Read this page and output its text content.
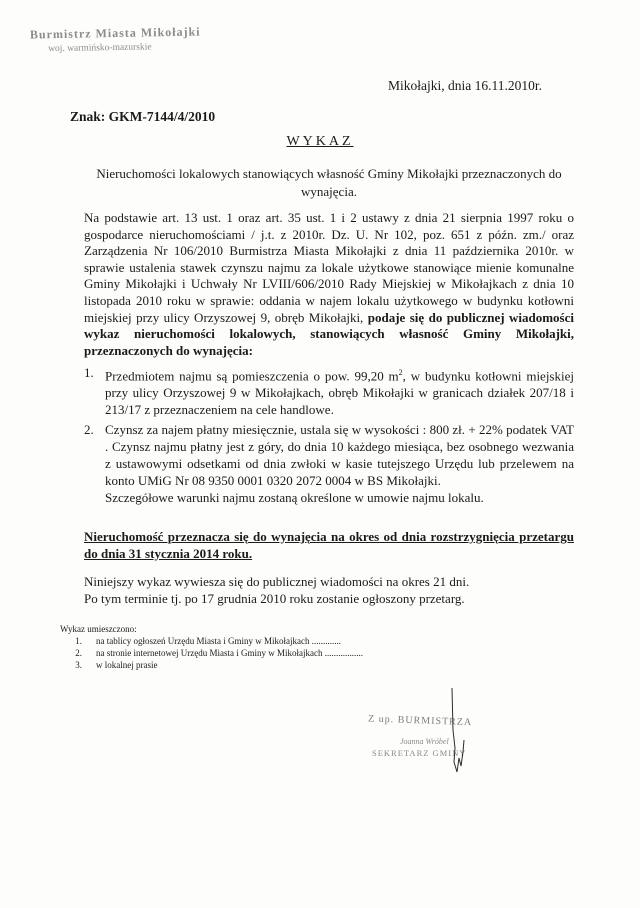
Burmistrz Miasta Mikołajki
woj. warmińsko-mazurskie
Mikołajki, dnia 16.11.2010r.
Znak: GKM-7144/4/2010
WYKAZ
Nieruchomości lokalowych stanowiących własność Gminy Mikołajki przeznaczonych do wynajęcia.
Na podstawie art. 13 ust. 1 oraz art. 35 ust. 1 i 2 ustawy z dnia 21 sierpnia 1997 roku o gospodarce nieruchomościami / j.t. z 2010r. Dz. U. Nr 102, poz. 651 z późn. zm./ oraz Zarządzenia Nr 106/2010 Burmistrza Miasta Mikołajki z dnia 11 października 2010r. w sprawie ustalenia stawek czynszu najmu za lokale użytkowe stanowiące mienie komunalne Gminy Mikołajki i Uchwały Nr LVIII/606/2010 Rady Miejskiej w Mikołajkach z dnia 10 listopada 2010 roku w sprawie: oddania w najem lokalu użytkowego w budynku kotłowni miejskiej przy ulicy Orzyszowej 9, obręb Mikołajki, podaje się do publicznej wiadomości wykaz nieruchomości lokalowych, stanowiących własność Gminy Mikołajki, przeznaczonych do wynajęcia:
1. Przedmiotem najmu są pomieszczenia o pow. 99,20 $m^2$, w budynku kotłowni miejskiej przy ulicy Orzyszowej 9 w Mikołajkach, obręb Mikołajki w granicach działek 207/18 i 213/17 z przeznaczeniem na cele handlowe.
2. Czynsz za najem płatny miesięcznie, ustala się w wysokości : 800 zł. + 22% podatek VAT . Czynsz najmu płatny jest z góry, do dnia 10 każdego miesiąca, bez osobnego wezwania z ustawowymi odsetkami od dnia zwłoki w kasie tutejszego Urzędu lub przelewem na konto UMiG Nr 08 9350 0001 0320 2072 0004 w BS Mikołajki.
Szczegółowe warunki najmu zostaną określone w umowie najmu lokalu.
Nieruchomość przeznacza się do wynajęcia na okres od dnia rozstrzygnięcia przetargu do dnia 31 stycznia 2014 roku.
Niniejszy wykaz wywiesza się do publicznej wiadomości na okres 21 dni.
Po tym terminie tj. po 17 grudnia 2010 roku zostanie ogłoszony przetarg.
Wykaz umieszczono:
1. na tablicy ogłoszeń Urzędu Miasta i Gminy w Mikołajkach .............
2. na stronie internetowej Urzędu Miasta i Gminy w Mikołajkach .................
3. w lokalnej prasie
Z up. BURMISTRZA
Joanna Wróbel
SEKRETARZ GMINY
